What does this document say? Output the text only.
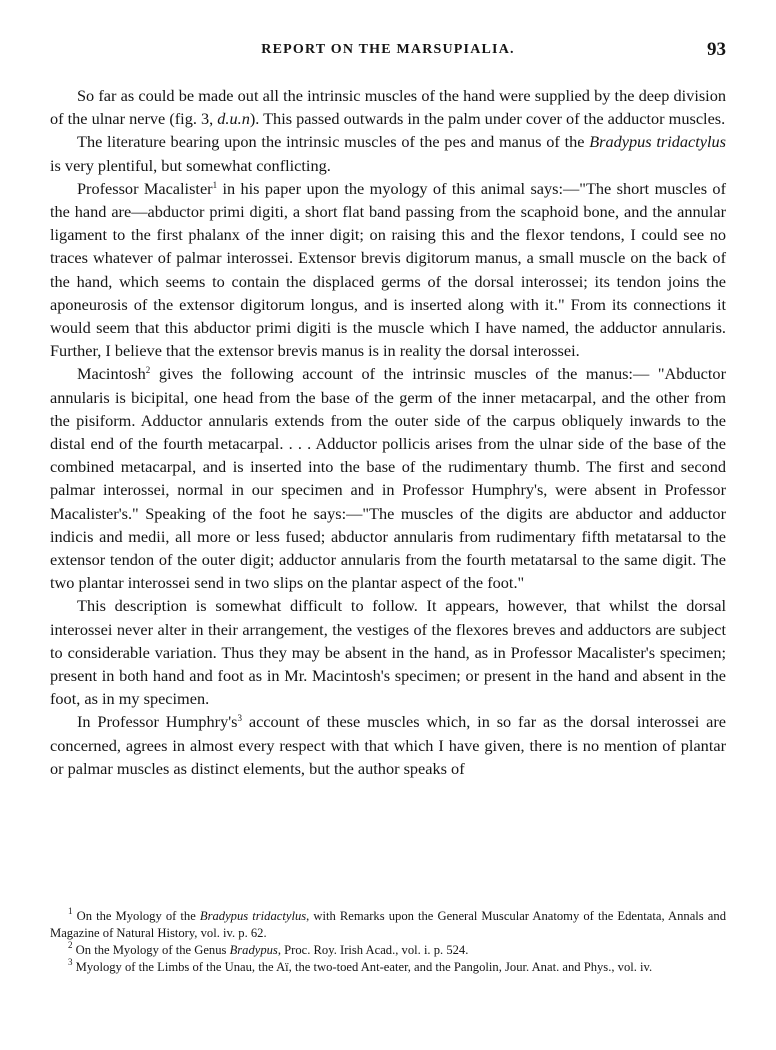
REPORT ON THE MARSUPIALIA.	93

So far as could be made out all the intrinsic muscles of the hand were supplied by the deep division of the ulnar nerve (fig. 3, d.u.n). This passed outwards in the palm under cover of the adductor muscles.

The literature bearing upon the intrinsic muscles of the pes and manus of the Bradypus tridactylus is very plentiful, but somewhat conflicting.

Professor Macalister$^1$ in his paper upon the myology of this animal says:—"The short muscles of the hand are—abductor primi digiti, a short flat band passing from the scaphoid bone, and the annular ligament to the first phalanx of the inner digit; on raising this and the flexor tendons, I could see no traces whatever of palmar interossei. Extensor brevis digitorum manus, a small muscle on the back of the hand, which seems to contain the displaced germs of the dorsal interossei; its tendon joins the aponeurosis of the extensor digitorum longus, and is inserted along with it." From its connections it would seem that this abductor primi digiti is the muscle which I have named, the adductor annularis. Further, I believe that the extensor brevis manus is in reality the dorsal interossei.

Macintosh$^2$ gives the following account of the intrinsic muscles of the manus:— "Abductor annularis is bicipital, one head from the base of the germ of the inner metacarpal, and the other from the pisiform. Adductor annularis extends from the outer side of the carpus obliquely inwards to the distal end of the fourth metacarpal. . . . Adductor pollicis arises from the ulnar side of the base of the combined metacarpal, and is inserted into the base of the rudimentary thumb. The first and second palmar interossei, normal in our specimen and in Professor Humphry's, were absent in Professor Macalister's." Speaking of the foot he says:—"The muscles of the digits are abductor and adductor indicis and medii, all more or less fused; abductor annularis from rudimentary fifth metatarsal to the extensor tendon of the outer digit; adductor annularis from the fourth metatarsal to the same digit. The two plantar interossei send in two slips on the plantar aspect of the foot."

This description is somewhat difficult to follow. It appears, however, that whilst the dorsal interossei never alter in their arrangement, the vestiges of the flexores breves and adductors are subject to considerable variation. Thus they may be absent in the hand, as in Professor Macalister's specimen; present in both hand and foot as in Mr. Macintosh's specimen; or present in the hand and absent in the foot, as in my specimen.

In Professor $Humphry's^3$ account of these muscles which, in so far as the dorsal interossei are concerned, agrees in almost every respect with that which I have given, there is no mention of plantar or palmar muscles as distinct elements, but the author speaks of

$^1$ On the Myology of the Bradypus tridactylus, with Remarks upon the General Muscular Anatomy of the Edentata, Annals and Magazine of Natural History, vol. iv. p. 62.
$^2$ On the Myology of the Genus Bradypus, Proc. Roy. Irish Acad., vol. i. p. 524.
$^3$ Myology of the Limbs of the Unau, the Aï, the two-toed Ant-eater, and the Pangolin, Jour. Anat. and Phys., vol. iv.
